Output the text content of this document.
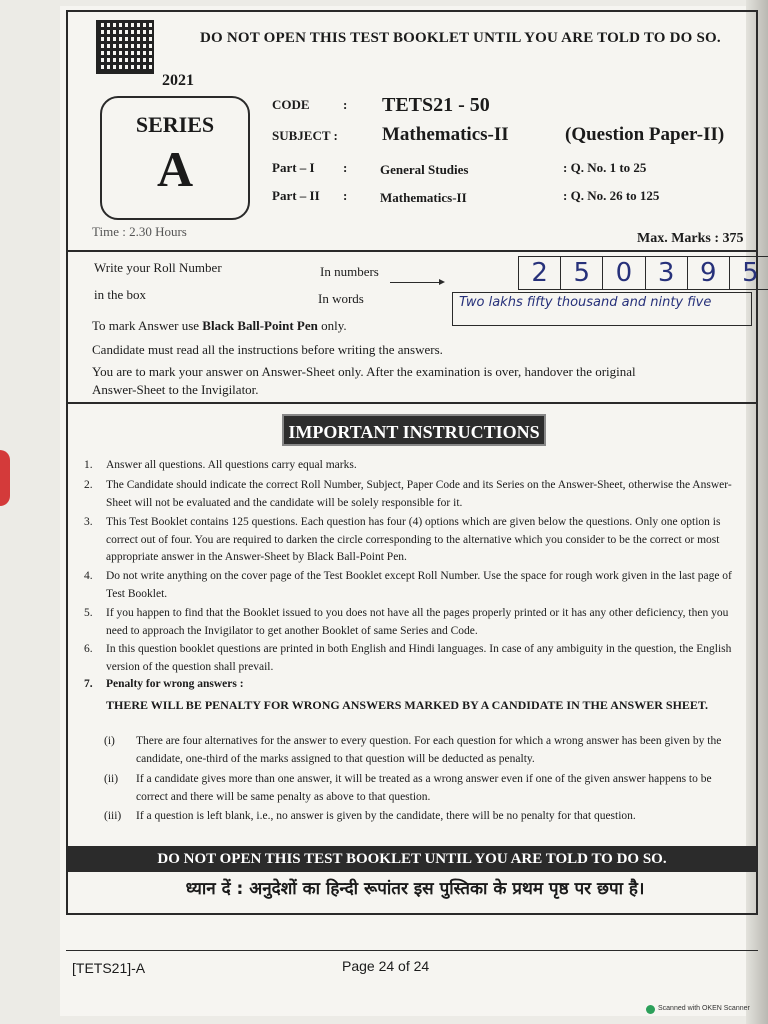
DO NOT OPEN THIS TEST BOOKLET UNTIL YOU ARE TOLD TO DO SO.
2021
SERIES
A
CODE	: TETS21 - 50
SUBJECT : Mathematics-II	(Question Paper-II)
Part – I :	General Studies	: Q. No. 1 to 25
Part – II :	Mathematics-II	: Q. No. 26 to 125
Time : 2.30 Hours	Max. Marks : 375
Write your Roll Number
in the box
In numbers
In words
2 5 0 3 9 5
Two lakhs fifty thousand and ninty five
To mark Answer use Black Ball-Point Pen only.
Candidate must read all the instructions before writing the answers.
You are to mark your answer on Answer-Sheet only. After the examination is over, handover the original
Answer-Sheet to the Invigilator.
IMPORTANT INSTRUCTIONS
1. Answer all questions. All questions carry equal marks.
2. The Candidate should indicate the correct Roll Number, Subject, Paper Code and its Series on the Answer-Sheet, otherwise the Answer-Sheet will not be evaluated and the candidate will be solely responsible for it.
3. This Test Booklet contains 125 questions. Each question has four (4) options which are given below the questions. Only one option is correct out of four. You are required to darken the circle corresponding to the alternative which you consider to be the correct or most appropriate answer in the Answer-Sheet by Black Ball-Point Pen.
4. Do not write anything on the cover page of the Test Booklet except Roll Number. Use the space for rough work given in the last page of Test Booklet.
5. If you happen to find that the Booklet issued to you does not have all the pages properly printed or it has any other deficiency, then you need to approach the Invigilator to get another Booklet of same Series and Code.
6. In this question booklet questions are printed in both English and Hindi languages. In case of any ambiguity in the question, the English version of the question shall prevail.
7. Penalty for wrong answers :
THERE WILL BE PENALTY FOR WRONG ANSWERS MARKED BY A CANDIDATE IN THE ANSWER SHEET.
(i) There are four alternatives for the answer to every question. For each question for which a wrong answer has been given by the candidate, one-third of the marks assigned to that question will be deducted as penalty.
(ii) If a candidate gives more than one answer, it will be treated as a wrong answer even if one of the given answer happens to be correct and there will be same penalty as above to that question.
(iii) If a question is left blank, i.e., no answer is given by the candidate, there will be no penalty for that question.
DO NOT OPEN THIS TEST BOOKLET UNTIL YOU ARE TOLD TO DO SO.
ध्यान दें : अनुदेशों का हिन्दी रूपांतर इस पुस्तिका के प्रथम पृष्ठ पर छपा है।
[TETS21]-A	Page 24 of 24
Scanned with OKEN Scanner
